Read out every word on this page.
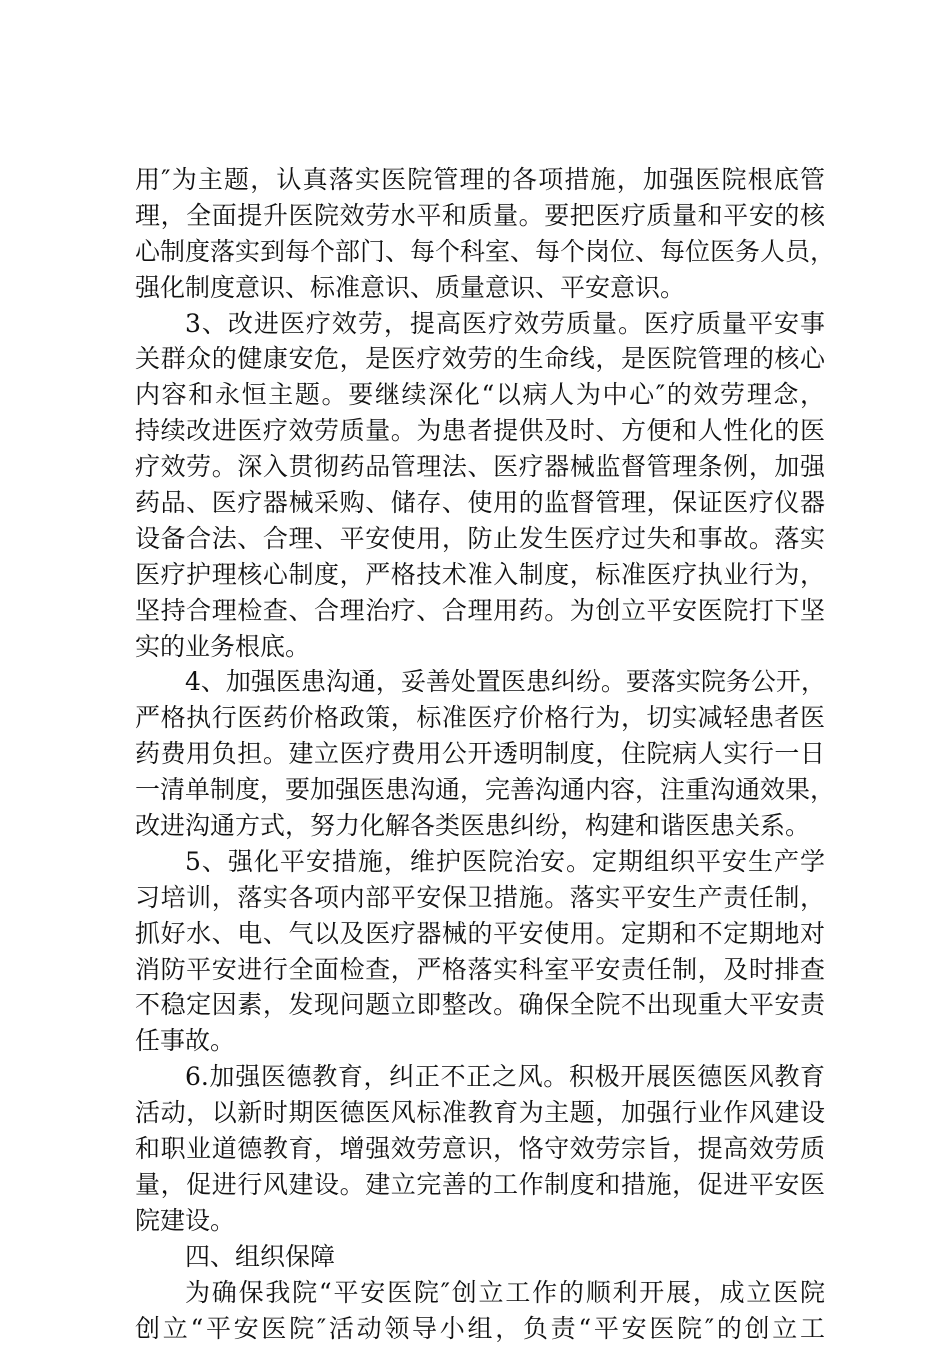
用″为主题，认真落实医院管理的各项措施，加强医院根底管
理，全面提升医院效劳水平和质量。要把医疗质量和平安的核
心制度落实到每个部门、每个科室、每个岗位、每位医务人员，
强化制度意识、标准意识、质量意识、平安意识。
3、改进医疗效劳，提高医疗效劳质量。医疗质量平安事
关群众的健康安危，是医疗效劳的生命线，是医院管理的核心
内容和永恒主题。要继续深化“以病人为中心″的效劳理念，
持续改进医疗效劳质量。为患者提供及时、方便和人性化的医
疗效劳。深入贯彻药品管理法、医疗器械监督管理条例，加强
药品、医疗器械采购、储存、使用的监督管理，保证医疗仪器
设备合法、合理、平安使用，防止发生医疗过失和事故。落实
医疗护理核心制度，严格技术准入制度，标准医疗执业行为，
坚持合理检查、合理治疗、合理用药。为创立平安医院打下坚
实的业务根底。
4、加强医患沟通，妥善处置医患纠纷。要落实院务公开，
严格执行医药价格政策，标准医疗价格行为，切实减轻患者医
药费用负担。建立医疗费用公开透明制度，住院病人实行一日
一清单制度，要加强医患沟通，完善沟通内容，注重沟通效果，
改进沟通方式，努力化解各类医患纠纷，构建和谐医患关系。
5、强化平安措施，维护医院治安。定期组织平安生产学
习培训，落实各项内部平安保卫措施。落实平安生产责任制，
抓好水、电、气以及医疗器械的平安使用。定期和不定期地对
消防平安进行全面检查，严格落实科室平安责任制，及时排查
不稳定因素，发现问题立即整改。确保全院不出现重大平安责
任事故。
6.加强医德教育，纠正不正之风。积极开展医德医风教育
活动，以新时期医德医风标准教育为主题，加强行业作风建设
和职业道德教育，增强效劳意识，恪守效劳宗旨，提高效劳质
量，促进行风建设。建立完善的工作制度和措施，促进平安医
院建设。
四、组织保障
为确保我院“平安医院″创立工作的顺利开展，成立医院
创立“平安医院″活动领导小组，负责“平安医院″的创立工
